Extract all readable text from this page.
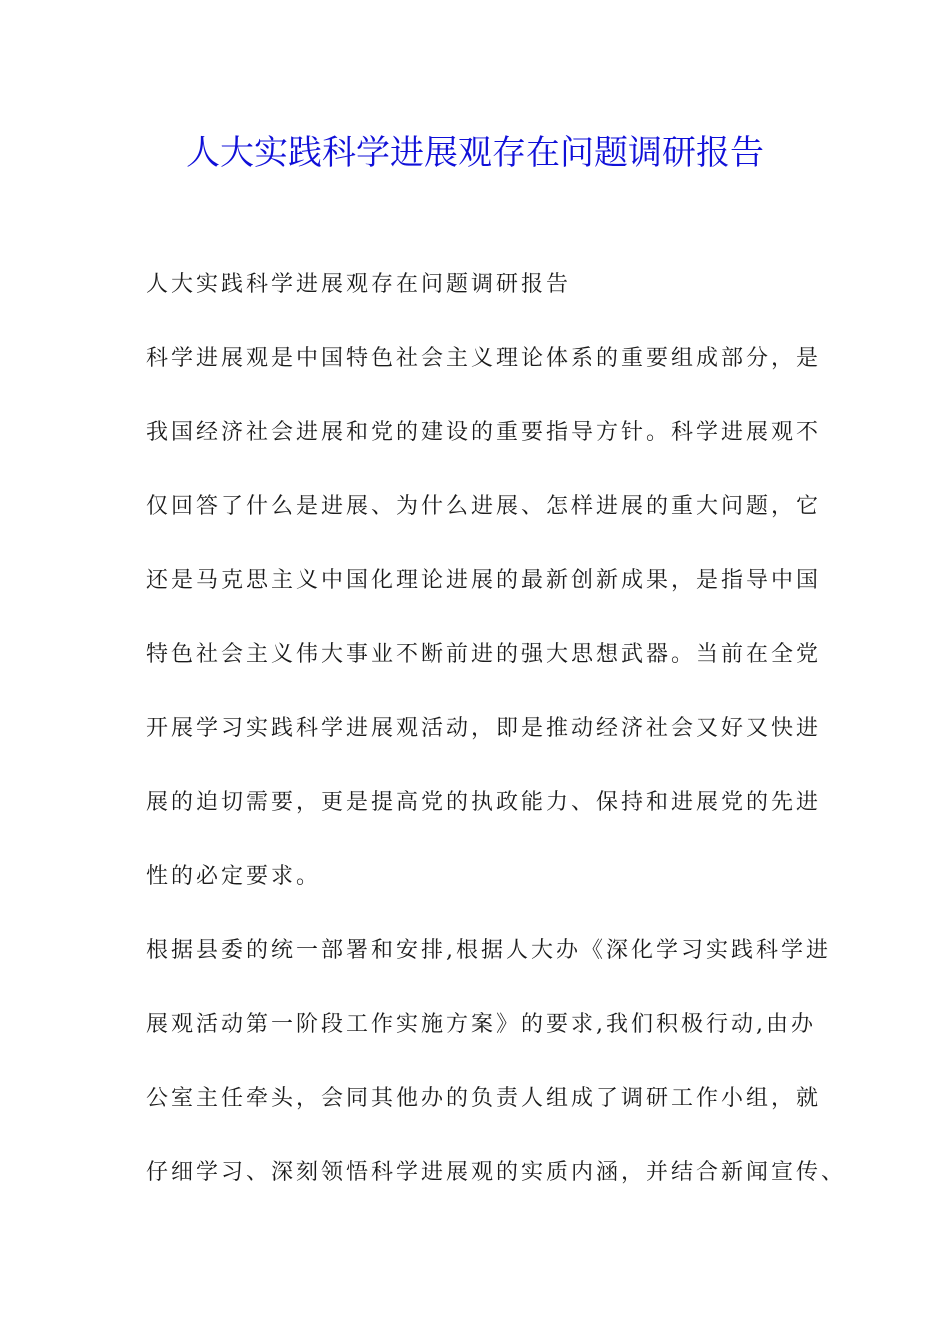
人大实践科学进展观存在问题调研报告
人大实践科学进展观存在问题调研报告
科学进展观是中国特色社会主义理论体系的重要组成部分，是
我国经济社会进展和党的建设的重要指导方针。科学进展观不
仅回答了什么是进展、为什么进展、怎样进展的重大问题，它
还是马克思主义中国化理论进展的最新创新成果，是指导中国
特色社会主义伟大事业不断前进的强大思想武器。当前在全党
开展学习实践科学进展观活动，即是推动经济社会又好又快进
展的迫切需要，更是提高党的执政能力、保持和进展党的先进
性的必定要求。
根据县委的统一部署和安排,根据人大办《深化学习实践科学进
展观活动第一阶段工作实施方案》的要求,我们积极行动,由办
公室主任牵头，会同其他办的负责人组成了调研工作小组，就
仔细学习、深刻领悟科学进展观的实质内涵，并结合新闻宣传、
